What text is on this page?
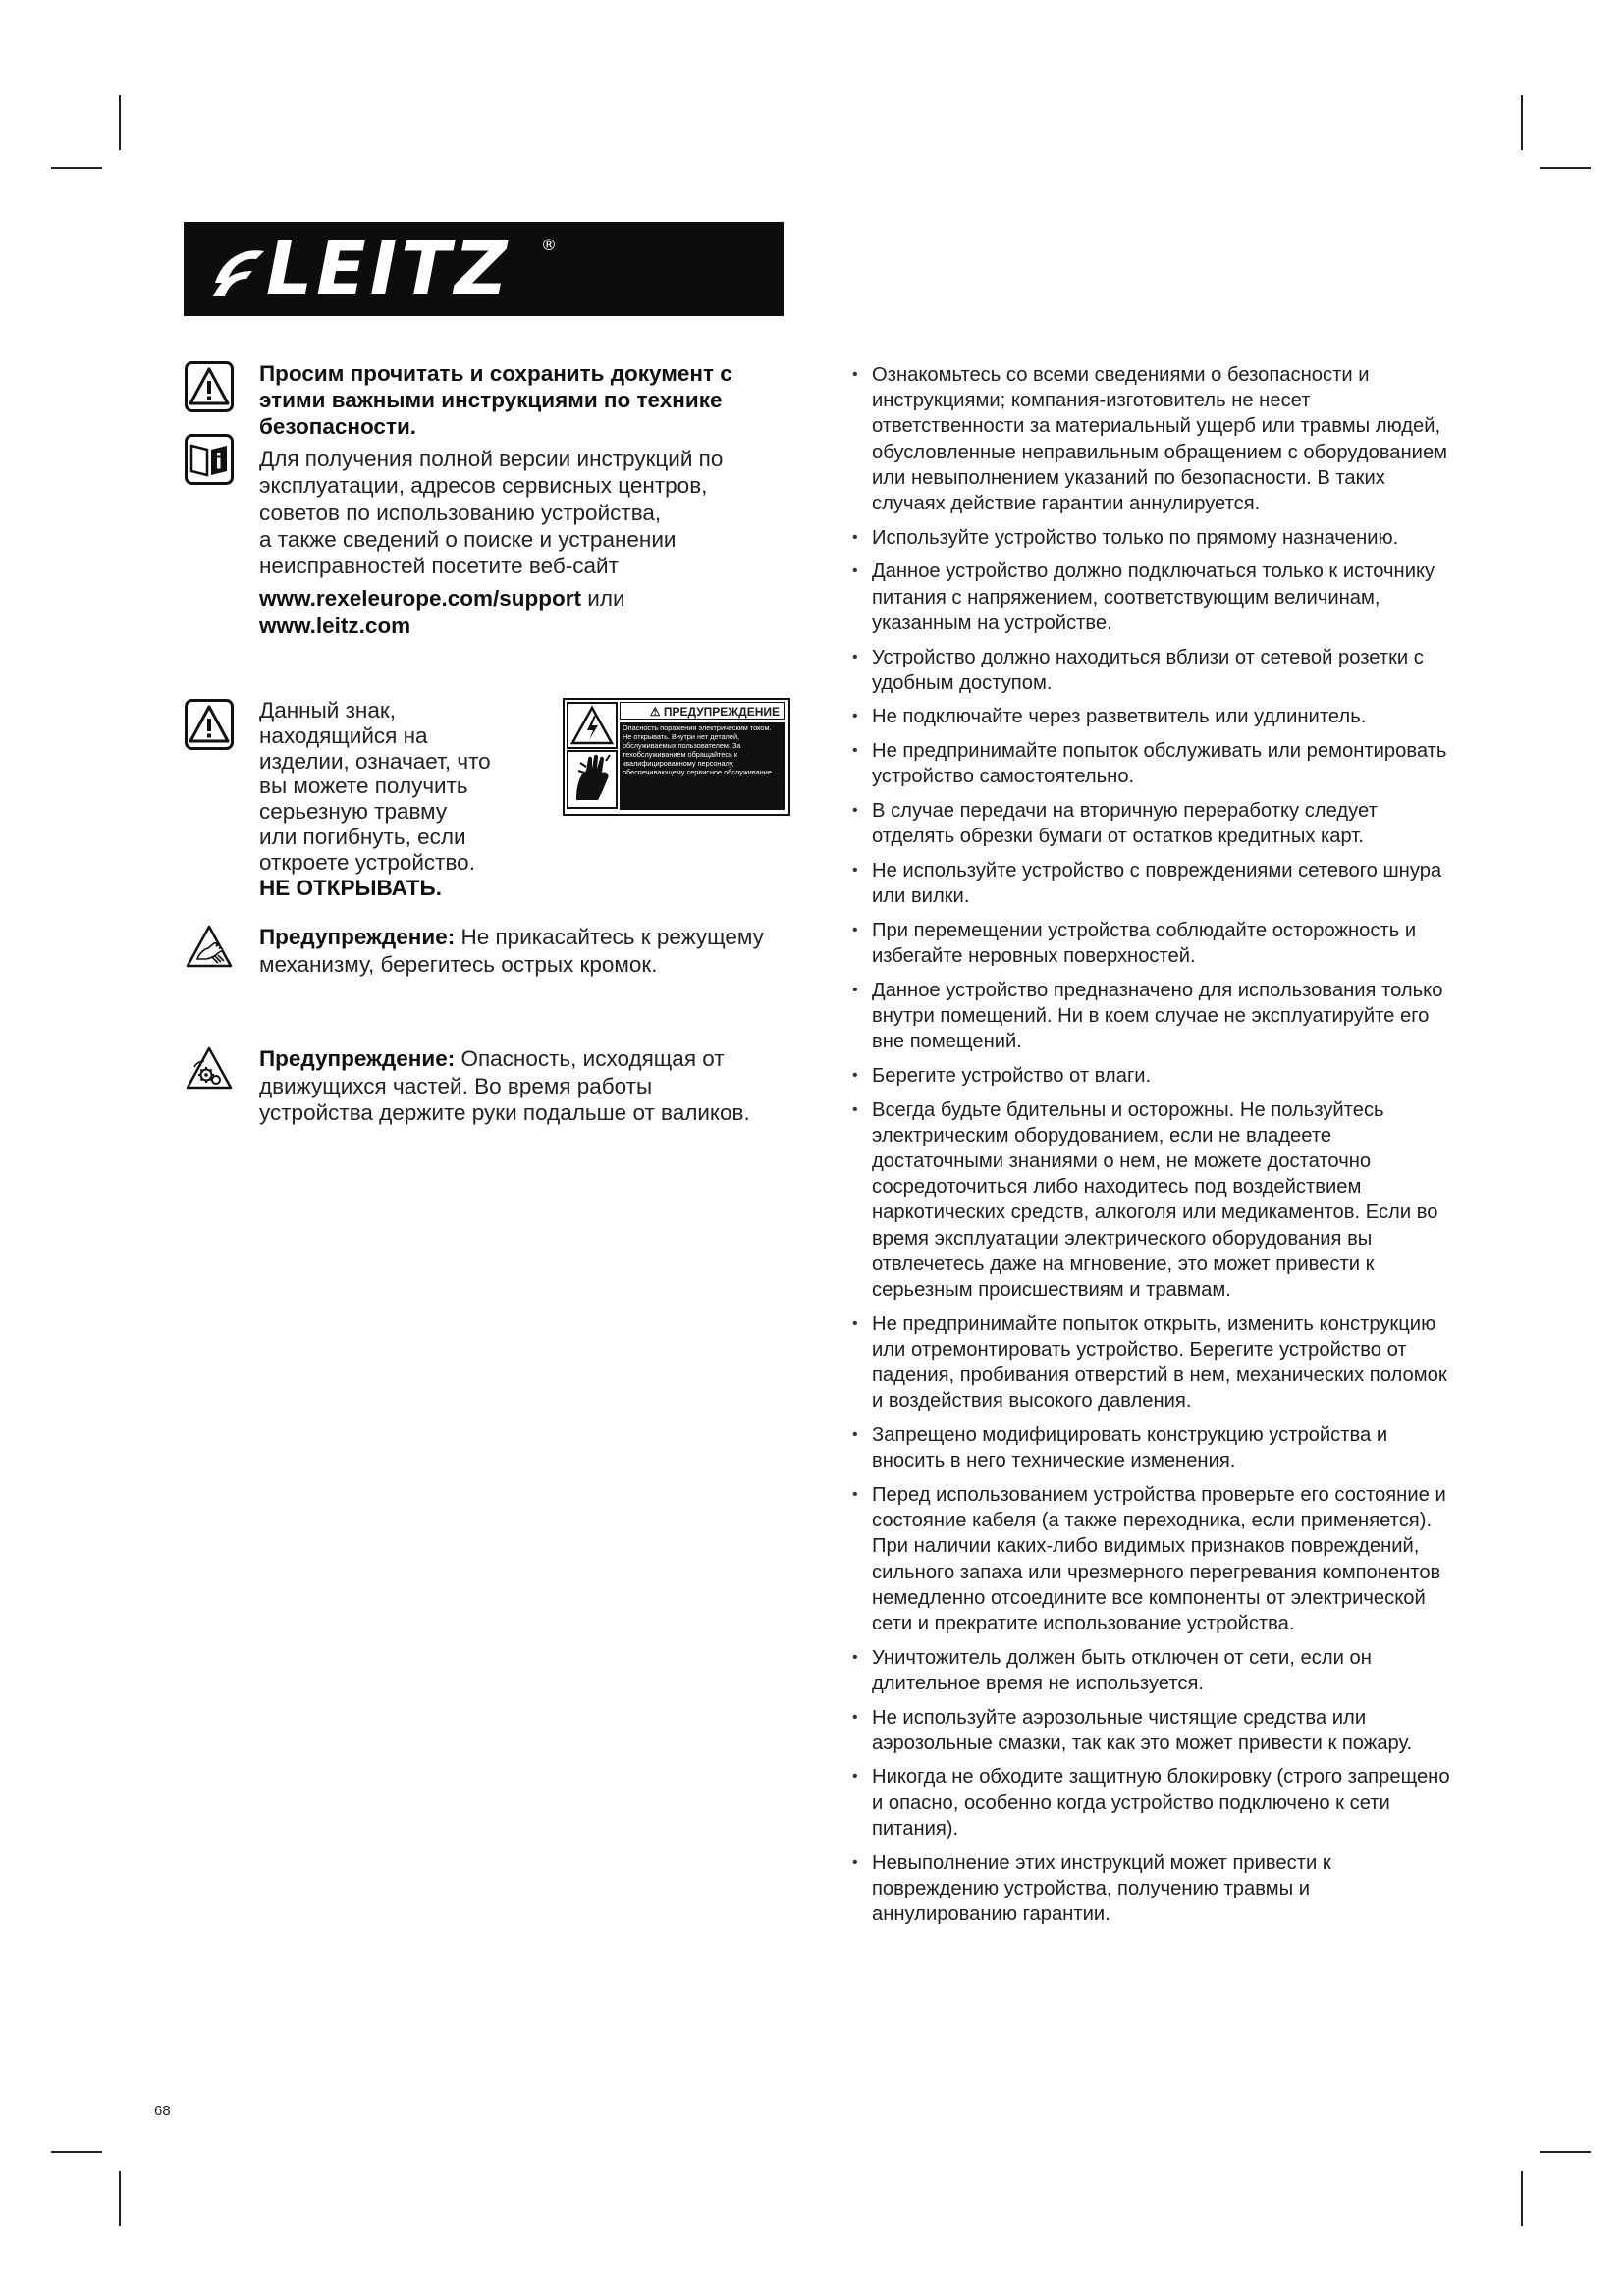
LEITZ ®
Просим прочитать и сохранить документ с этими важными инструкциями по технике безопасности.
Для получения полной версии инструкций по
эксплуатации, адресов сервисных центров,
советов по использованию устройства,
а также сведений о поиске и устранении
неисправностей посетите веб-сайт
www.rexeleurope.com/support или
www.leitz.com
Данный знак,
находящийся на
изделии, означает, что
вы можете получить
серьезную травму
или погибнуть, если
откроете устройство.
НЕ ОТКРЫВАТЬ.
⚠ ПРЕДУПРЕЖДЕНИЕ
Опасность поражения электрическим током. Не открывать. Внутри нет деталей, обслуживаемых пользователем. За техобслуживанием обращайтесь к квалифицированному персоналу, обеспечивающему сервисное обслуживание.
Предупреждение: Не прикасайтесь к режущему механизму, берегитесь острых кромок.
Предупреждение: Опасность, исходящая от движущихся частей. Во время работы устройства держите руки подальше от валиков.
• Ознакомьтесь со всеми сведениями о безопасности и инструкциями; компания-изготовитель не несет ответственности за материальный ущерб или травмы людей, обусловленные неправильным обращением с оборудованием или невыполнением указаний по безопасности. В таких случаях действие гарантии аннулируется.
• Используйте устройство только по прямому назначению.
• Данное устройство должно подключаться только к источнику питания с напряжением, соответствующим величинам, указанным на устройстве.
• Устройство должно находиться вблизи от сетевой розетки с удобным доступом.
• Не подключайте через разветвитель или удлинитель.
• Не предпринимайте попыток обслуживать или ремонтировать устройство самостоятельно.
• В случае передачи на вторичную переработку следует отделять обрезки бумаги от остатков кредитных карт.
• Не используйте устройство с повреждениями сетевого шнура или вилки.
• При перемещении устройства соблюдайте осторожность и избегайте неровных поверхностей.
• Данное устройство предназначено для использования только внутри помещений. Ни в коем случае не эксплуатируйте его вне помещений.
• Берегите устройство от влаги.
• Всегда будьте бдительны и осторожны. Не пользуйтесь электрическим оборудованием, если не владеете достаточными знаниями о нем, не можете достаточно сосредоточиться либо находитесь под воздействием наркотических средств, алкоголя или медикаментов. Если во время эксплуатации электрического оборудования вы отвлечетесь даже на мгновение, это может привести к серьезным происшествиям и травмам.
• Не предпринимайте попыток открыть, изменить конструкцию или отремонтировать устройство. Берегите устройство от падения, пробивания отверстий в нем, механических поломок и воздействия высокого давления.
• Запрещено модифицировать конструкцию устройства и вносить в него технические изменения.
• Перед использованием устройства проверьте его состояние и состояние кабеля (а также переходника, если применяется). При наличии каких-либо видимых признаков повреждений, сильного запаха или чрезмерного перегревания компонентов немедленно отсоедините все компоненты от электрической сети и прекратите использование устройства.
• Уничтожитель должен быть отключен от сети, если он длительное время не используется.
• Не используйте аэрозольные чистящие средства или аэрозольные смазки, так как это может привести к пожару.
• Никогда не обходите защитную блокировку (строго запрещено и опасно, особенно когда устройство подключено к сети питания).
• Невыполнение этих инструкций может привести к повреждению устройства, получению травмы и аннулированию гарантии.
68
